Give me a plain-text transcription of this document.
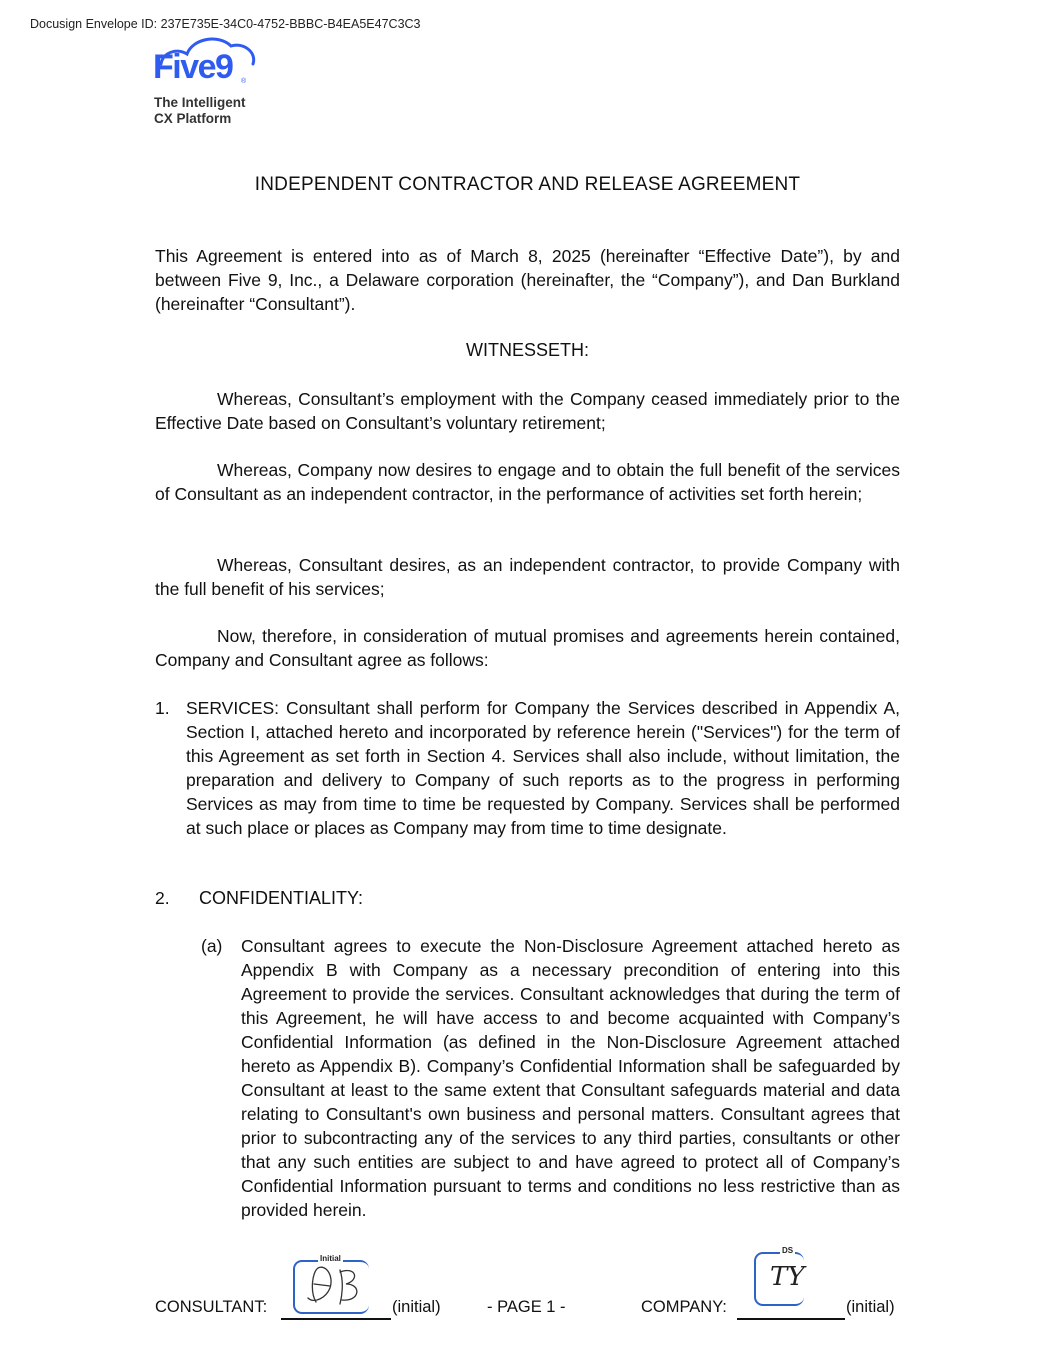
Docusign Envelope ID: 237E735E-34C0-4752-BBBC-B4EA5E47C3C3
Five9 ®
The Intelligent
CX Platform
INDEPENDENT CONTRACTOR AND RELEASE AGREEMENT

This Agreement is entered into as of March 8, 2025 (hereinafter “Effective Date”), by and between Five 9, Inc., a Delaware corporation (hereinafter, the “Company”), and Dan Burkland (hereinafter “Consultant”).

WITNESSETH:

Whereas, Consultant’s employment with the Company ceased immediately prior to the Effective Date based on Consultant’s voluntary retirement;

Whereas, Company now desires to engage and to obtain the full benefit of the services of Consultant as an independent contractor, in the performance of activities set forth herein;

Whereas, Consultant desires, as an independent contractor, to provide Company with the full benefit of his services;

Now, therefore, in consideration of mutual promises and agreements herein contained, Company and Consultant agree as follows:

1. SERVICES: Consultant shall perform for Company the Services described in Appendix A, Section I, attached hereto and incorporated by reference herein ("Services") for the term of this Agreement as set forth in Section 4. Services shall also include, without limitation, the preparation and delivery to Company of such reports as to the progress in performing Services as may from time to time be requested by Company. Services shall be performed at such place or places as Company may from time to time designate.
2. CONFIDENTIALITY:
(a) Consultant agrees to execute the Non-Disclosure Agreement attached hereto as Appendix B with Company as a necessary precondition of entering into this Agreement to provide the services. Consultant acknowledges that during the term of this Agreement, he will have access to and become acquainted with Company’s Confidential Information (as defined in the Non-Disclosure Agreement attached hereto as Appendix B). Company’s Confidential Information shall be safeguarded by Consultant at least to the same extent that Consultant safeguards material and data relating to Consultant's own business and personal matters. Consultant agrees that prior to subcontracting any of the services to any third parties, consultants or other that any such entities are subject to and have agreed to protect all of Company’s Confidential Information pursuant to terms and conditions no less restrictive than as provided herein.
CONSULTANT:	(initial)
Initial
- PAGE 1 -	COMPANY:	(initial)
DS
TY
